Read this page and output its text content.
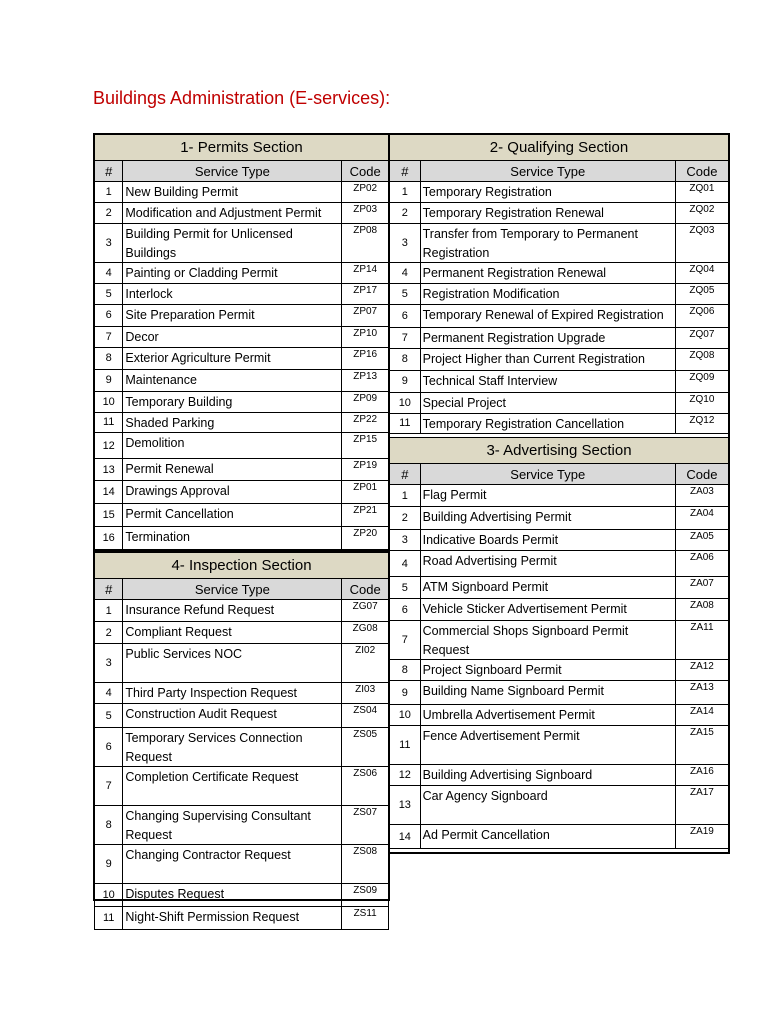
Buildings Administration (E-services):
1- Permits Section		
#	Service Type	Code
1	New Building Permit	ZP02
2	Modification and Adjustment Permit	ZP03
3	Building Permit for Unlicensed Buildings	ZP08
4	Painting or Cladding Permit	ZP14
5	Interlock	ZP17
6	Site Preparation Permit	ZP07
7	Decor	ZP10
8	Exterior Agriculture Permit	ZP16
9	Maintenance	ZP13
10	Temporary Building	ZP09
11	Shaded Parking	ZP22
12	Demolition	ZP15
13	Permit Renewal	ZP19
14	Drawings Approval	ZP01
15	Permit Cancellation	ZP21
16	Termination	ZP20
2- Qualifying Section		
#	Service Type	Code
1	Temporary Registration	ZQ01
2	Temporary Registration Renewal	ZQ02
3	Transfer from Temporary to Permanent Registration	ZQ03
4	Permanent Registration Renewal	ZQ04
5	Registration Modification	ZQ05
6	Temporary Renewal of Expired Registration	ZQ06
7	Permanent Registration Upgrade	ZQ07
8	Project Higher than Current Registration	ZQ08
9	Technical Staff Interview	ZQ09
10	Special Project	ZQ10
11	Temporary Registration Cancellation	ZQ12
3- Advertising Section		
#	Service Type	Code
1	Flag Permit	ZA03
2	Building Advertising Permit	ZA04
3	Indicative Boards Permit	ZA05
4	Road Advertising Permit	ZA06
5	ATM Signboard Permit	ZA07
6	Vehicle Sticker Advertisement Permit	ZA08
7	Commercial Shops Signboard Permit Request	ZA11
8	Project Signboard Permit	ZA12
9	Building Name Signboard Permit	ZA13
10	Umbrella Advertisement Permit	ZA14
11	Fence Advertisement Permit	ZA15
12	Building Advertising Signboard	ZA16
13	Car Agency Signboard	ZA17
14	Ad Permit Cancellation	ZA19
4- Inspection Section		
#	Service Type	Code
1	Insurance Refund Request	ZG07
2	Compliant Request	ZG08
3	Public Services NOC	ZI02
4	Third Party Inspection Request	ZI03
5	Construction Audit Request	ZS04
6	Temporary Services Connection Request	ZS05
7	Completion Certificate Request	ZS06
8	Changing Supervising Consultant Request	ZS07
9	Changing Contractor Request	ZS08
10	Disputes Request	ZS09
11	Night-Shift Permission Request	ZS11
